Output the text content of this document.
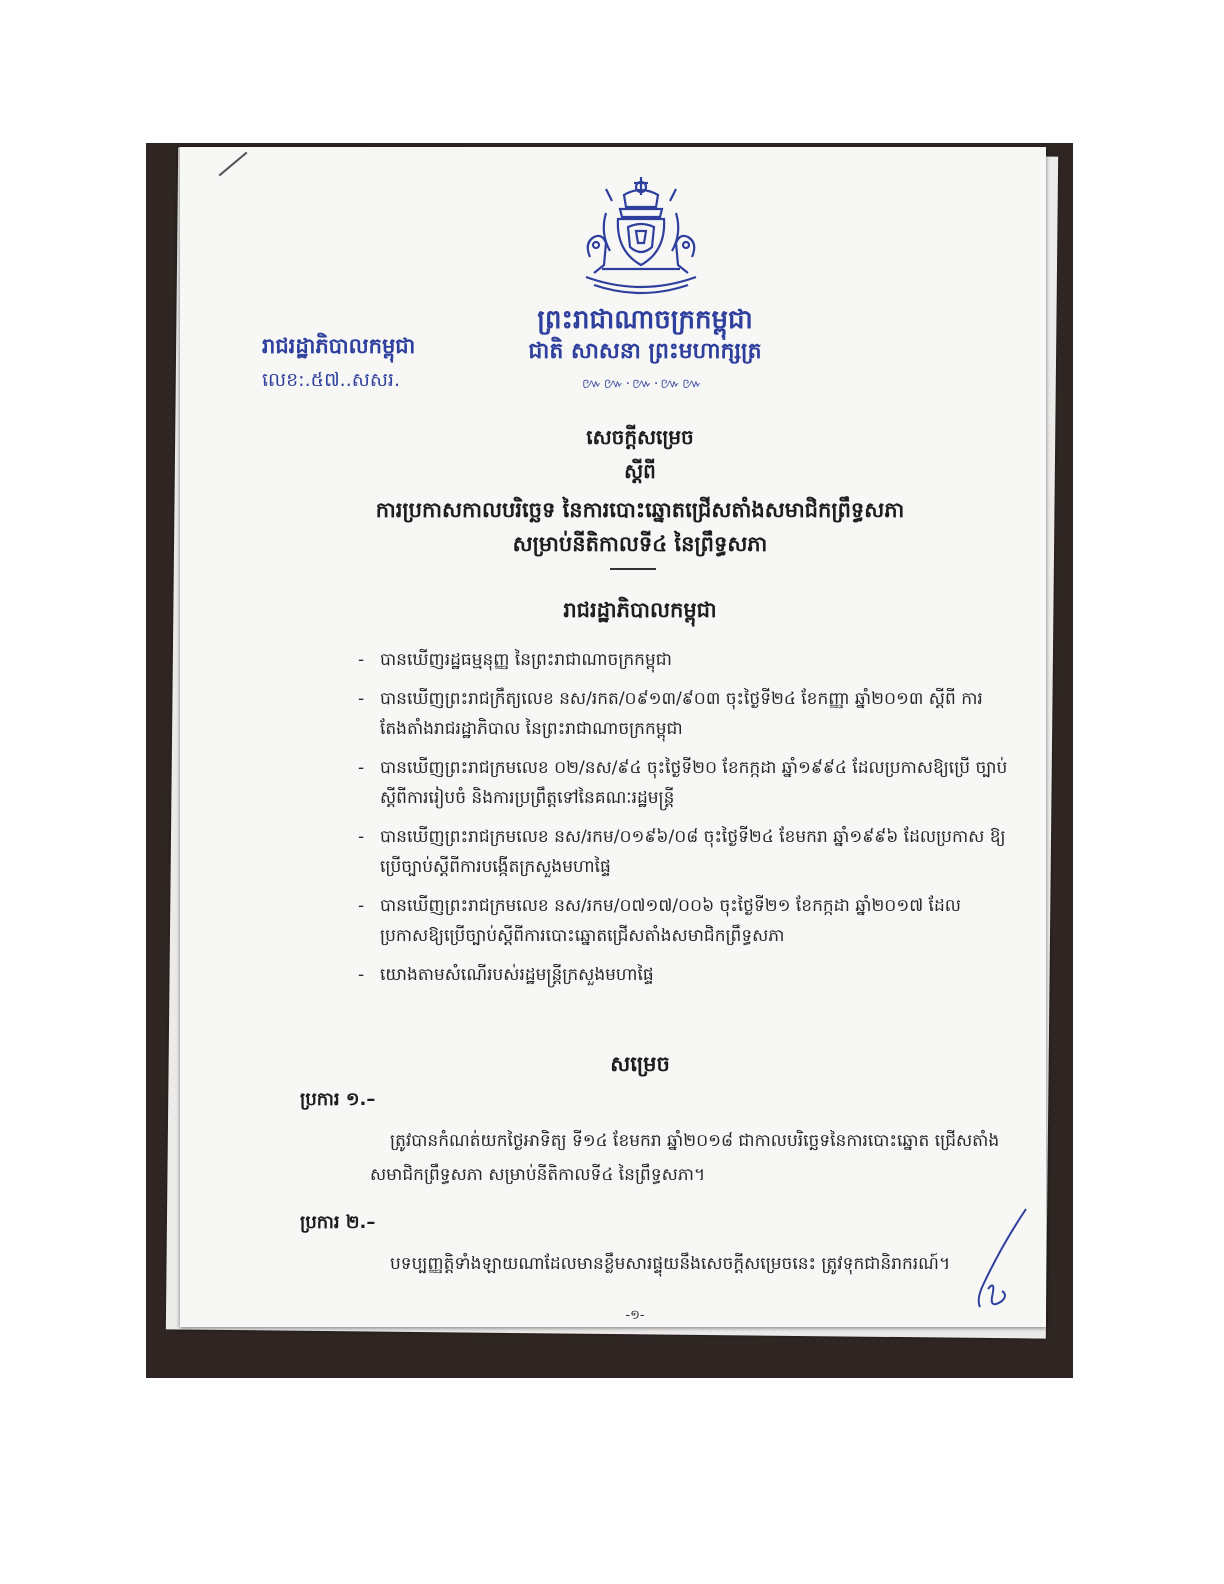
ព្រះរាជាណាចក្រកម្ពុជា
ជាតិ សាសនា ព្រះមហាក្សត្រ
៚៚·៚·៚៚
រាជរដ្ឋាភិបាលកម្ពុជា
លេខ:.៥៧..សសរ.
សេចក្ដីសម្រេច
ស្ដីពី
ការប្រកាសកាលបរិច្ឆេទ នៃការបោះឆ្នោតជ្រើសតាំងសមាជិកព្រឹទ្ធសភា
សម្រាប់នីតិកាលទី៤ នៃព្រឹទ្ធសភា
រាជរដ្ឋាភិបាលកម្ពុជា
- បានឃើញរដ្ឋធម្មនុញ្ញ នៃព្រះរាជាណាចក្រកម្ពុជា
- បានឃើញព្រះរាជក្រឹត្យលេខ នស/រកត/០៩១៣/៩០៣ ចុះថ្ងៃទី២៤ ខែកញ្ញា ឆ្នាំ២០១៣ ស្ដីពី ការតែងតាំងរាជរដ្ឋាភិបាល នៃព្រះរាជាណាចក្រកម្ពុជា
- បានឃើញព្រះរាជក្រមលេខ ០២/នស/៩៤ ចុះថ្ងៃទី២០ ខែកក្កដា ឆ្នាំ១៩៩៤ ដែលប្រកាសឱ្យប្រើ ច្បាប់ស្ដីពីការរៀបចំ និងការប្រព្រឹត្តទៅនៃគណៈរដ្ឋមន្ត្រី
- បានឃើញព្រះរាជក្រមលេខ នស/រកម/០១៩៦/០៨ ចុះថ្ងៃទី២៤ ខែមករា ឆ្នាំ១៩៩៦ ដែលប្រកាស ឱ្យប្រើច្បាប់ស្ដីពីការបង្កើតក្រសួងមហាផ្ទៃ
- បានឃើញព្រះរាជក្រមលេខ នស/រកម/០៧១៧/០០៦ ចុះថ្ងៃទី២១ ខែកក្កដា ឆ្នាំ២០១៧ ដែល ប្រកាសឱ្យប្រើច្បាប់ស្ដីពីការបោះឆ្នោតជ្រើសតាំងសមាជិកព្រឹទ្ធសភា
- យោងតាមសំណើរបស់រដ្ឋមន្ត្រីក្រសួងមហាផ្ទៃ
សម្រេច
ប្រការ ១.–
ត្រូវបានកំណត់យកថ្ងៃអាទិត្យ ទី១៤ ខែមករា ឆ្នាំ២០១៨ ជាកាលបរិច្ឆេទនៃការបោះឆ្នោត ជ្រើសតាំងសមាជិកព្រឹទ្ធសភា សម្រាប់នីតិកាលទី៤ នៃព្រឹទ្ធសភា។
ប្រការ ២.–
បទប្បញ្ញត្តិទាំងឡាយណាដែលមានខ្លឹមសារផ្ទុយនឹងសេចក្ដីសម្រេចនេះ ត្រូវទុកជានិរាករណ៍។
-១-
